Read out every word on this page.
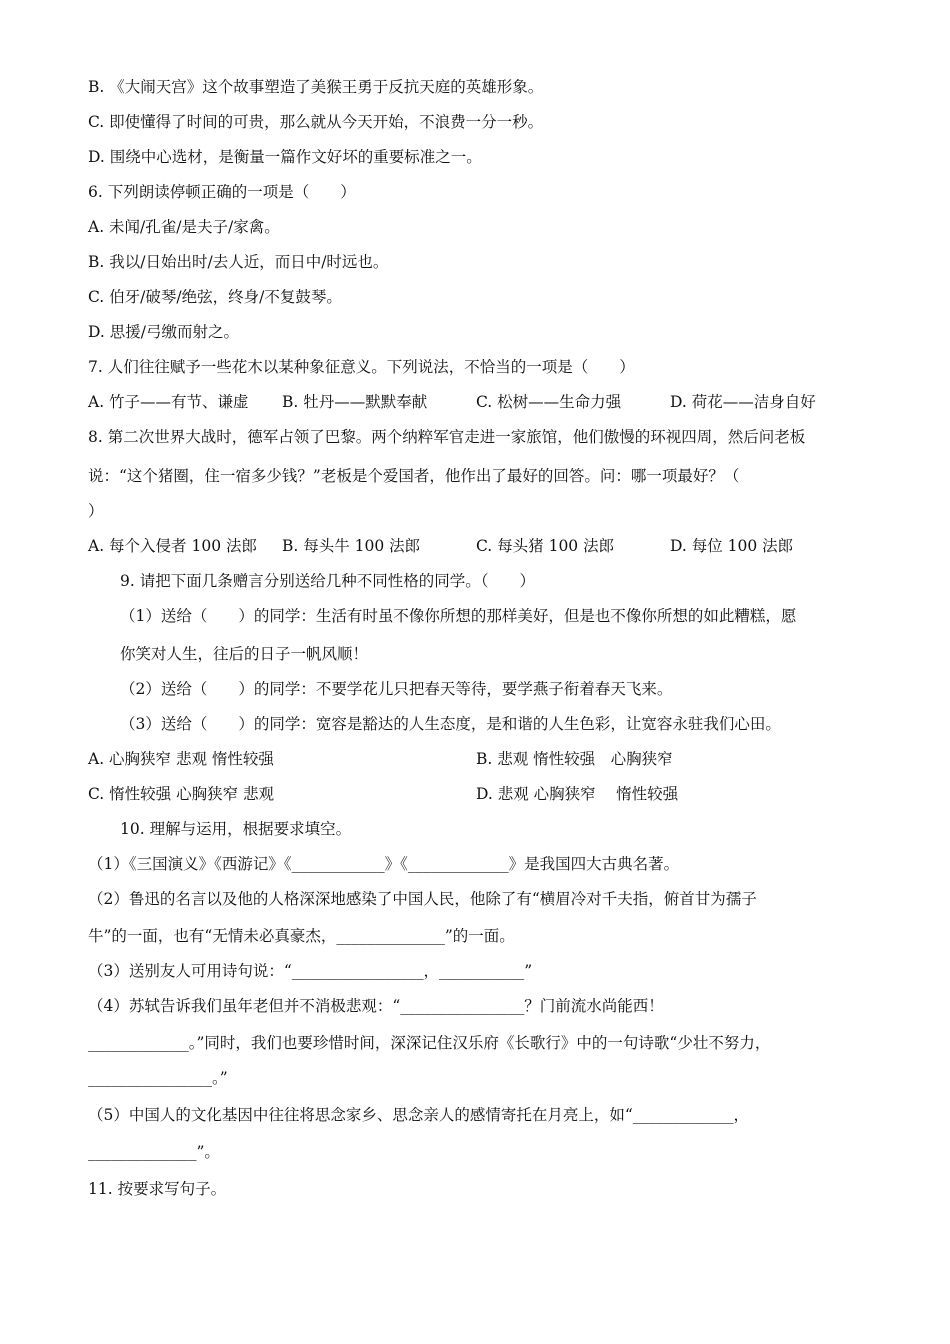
B. 《大闹天宫》这个故事塑造了美猴王勇于反抗天庭的英雄形象。
C. 即使懂得了时间的可贵，那么就从今天开始，不浪费一分一秒。
D. 围绕中心选材，是衡量一篇作文好坏的重要标准之一。
6. 下列朗读停顿正确的一项是（　　）
A. 未闻/孔雀/是夫子/家禽。
B. 我以/日始出时/去人近，而日中/时远也。
C. 伯牙/破琴/绝弦，终身/不复鼓琴。
D. 思援/弓缴而射之。
7. 人们往往赋予一些花木以某种象征意义。下列说法，不恰当的一项是（　　）
A. 竹子——有节、谦虚 B. 牡丹——默默奉献	C. 松树——生命力强	D. 荷花——洁身自好
8. 第二次世界大战时，德军占领了巴黎。两个纳粹军官走进一家旅馆，他们傲慢的环视四周，然后问老板
说：“这个猪圈，住一宿多少钱？”老板是个爱国者，他作出了最好的回答。问：哪一项最好？（
）
A. 每个入侵者 100 法郎 B. 每头牛 100 法郎	C. 每头猪 100 法郎	D. 每位 100 法郎
9. 请把下面几条赠言分别送给几种不同性格的同学。（　　）
（1）送给（　　）的同学：生活有时虽不像你所想的那样美好，但是也不像你所想的如此糟糕，愿
你笑对人生，往后的日子一帆风顺！
（2）送给（　　）的同学：不要学花儿只把春天等待，要学燕子衔着春天飞来。
（3）送给（　　）的同学：宽容是豁达的人生态度，是和谐的人生色彩，让宽容永驻我们心田。
A. 心胸狭窄 悲观 惰性较强	B. 悲观 惰性较强　心胸狭窄
C. 惰性较强 心胸狭窄 悲观	D. 悲观 心胸狭窄　 惰性较强
10. 理解与运用，根据要求填空。
（1）《三国演义》《西游记》《____________》《_____________》是我国四大古典名著。
（2）鲁迅的名言以及他的人格深深地感染了中国人民，他除了有“横眉冷对千夫指，俯首甘为孺子
牛”的一面，也有“无情未必真豪杰，______________”的一面。
（3）送别友人可用诗句说：“_________________，___________”
（4）苏轼告诉我们虽年老但并不消极悲观：“________________？门前流水尚能西！
_____________。”同时，我们也要珍惜时间，深深记住汉乐府《长歌行》中的一句诗歌“少壮不努力，
________________。”
（5）中国人的文化基因中往往将思念家乡、思念亲人的感情寄托在月亮上，如“_____________，
______________”。
11. 按要求写句子。
